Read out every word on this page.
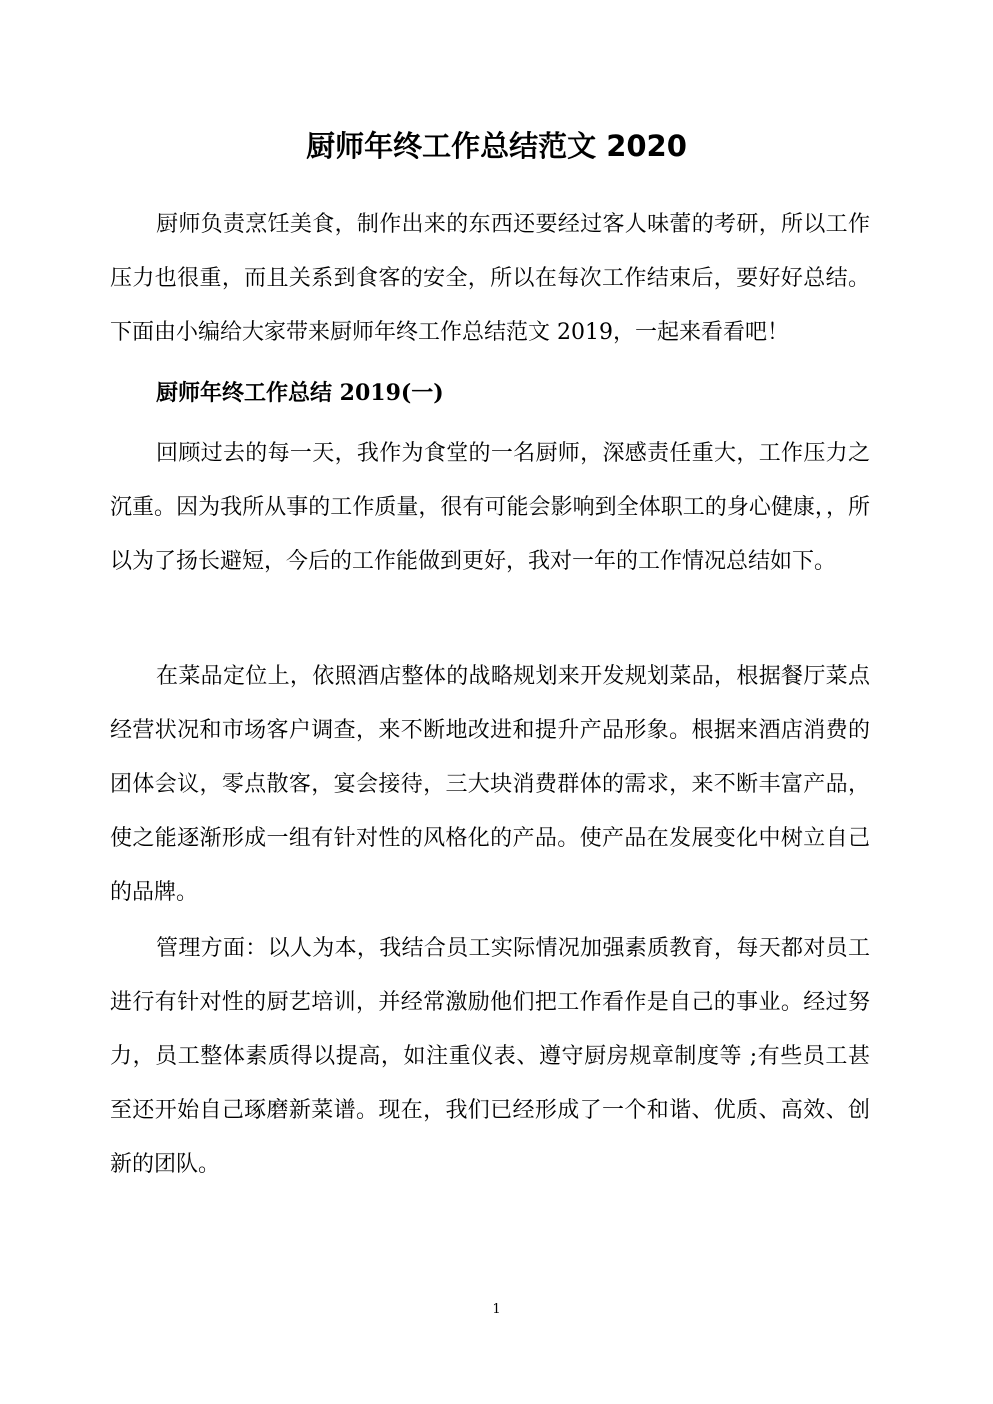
厨师年终工作总结范文 2020

厨师负责烹饪美食，制作出来的东西还要经过客人味蕾的考研，所以工作压力也很重，而且关系到食客的安全，所以在每次工作结束后，要好好总结。下面由小编给大家带来厨师年终工作总结范文 2019，一起来看看吧！

厨师年终工作总结 2019(一)

回顾过去的每一天，我作为食堂的一名厨师，深感责任重大，工作压力之沉重。因为我所从事的工作质量，很有可能会影响到全体职工的身心健康，，所以为了扬长避短，今后的工作能做到更好，我对一年的工作情况总结如下。

在菜品定位上，依照酒店整体的战略规划来开发规划菜品，根据餐厅菜点经营状况和市场客户调查，来不断地改进和提升产品形象。根据来酒店消费的团体会议，零点散客，宴会接待，三大块消费群体的需求，来不断丰富产品，使之能逐渐形成一组有针对性的风格化的产品。使产品在发展变化中树立自己的品牌。

管理方面：以人为本，我结合员工实际情况加强素质教育，每天都对员工进行有针对性的厨艺培训，并经常激励他们把工作看作是自己的事业。经过努力，员工整体素质得以提高，如注重仪表、遵守厨房规章制度等 ;有些员工甚至还开始自己琢磨新菜谱。现在，我们已经形成了一个和谐、优质、高效、创新的团队。

1
